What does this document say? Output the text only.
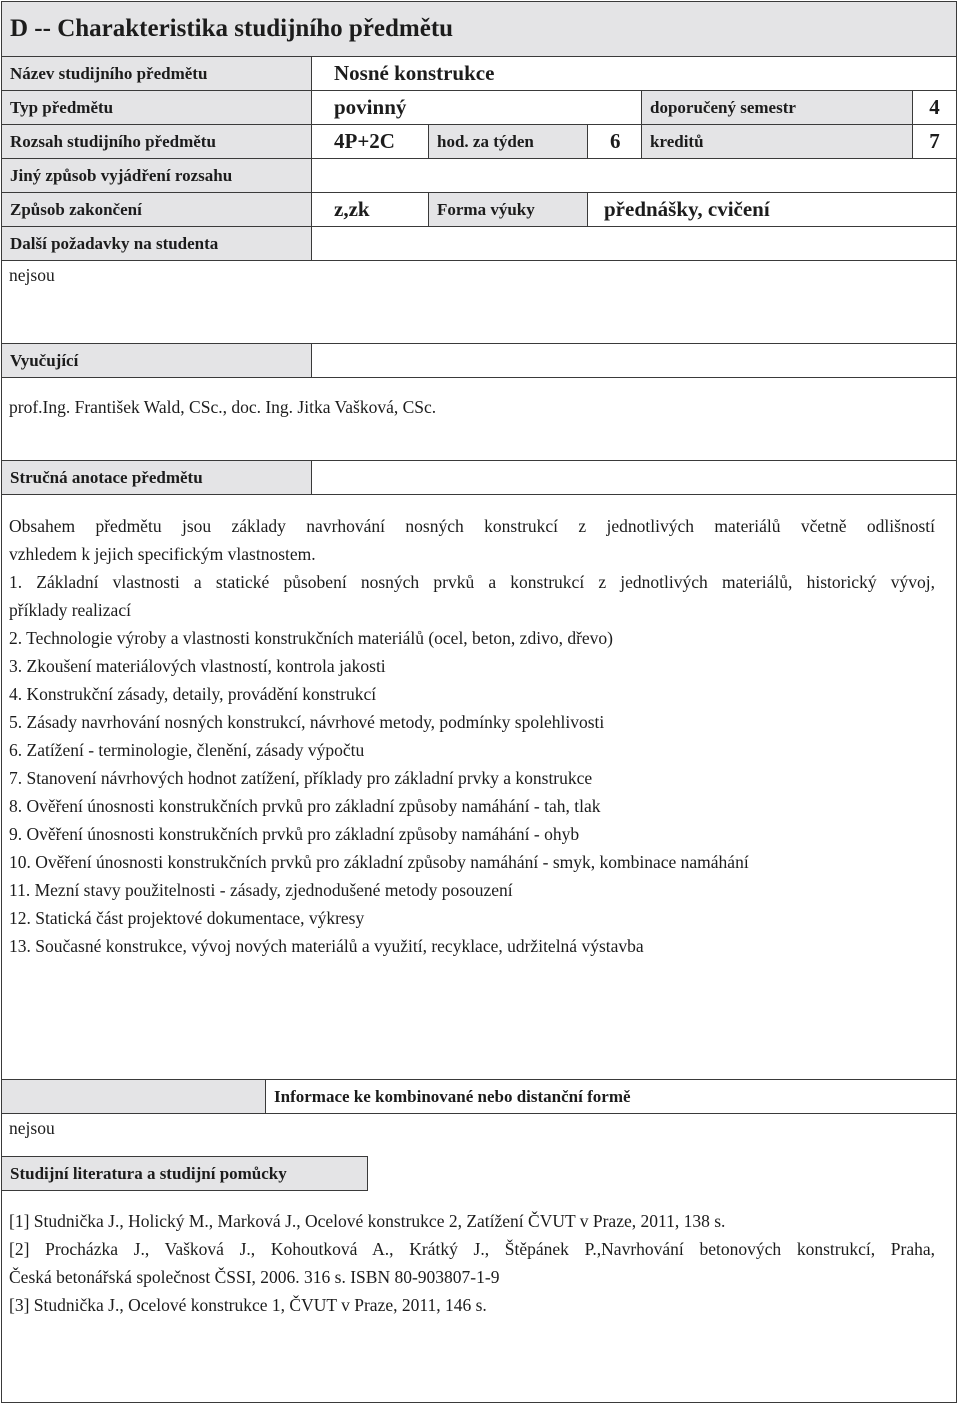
D -- Charakteristika studijního předmětu
Název studijního předmětu	Nosné konstrukce
Typ předmětu	povinný	doporučený semestr	4
Rozsah studijního předmětu	4P+2C	hod. za týden	6	kreditů	7
Jiný způsob vyjádření rozsahu
Způsob zakončení	z,zk	Forma výuky	přednášky, cvičení
Další požadavky na studenta
nejsou
Vyučující
prof.Ing. František Wald, CSc., doc. Ing. Jitka Vašková, CSc.
Stručná anotace předmětu
Obsahem předmětu jsou základy navrhování nosných konstrukcí z jednotlivých materiálů včetně odlišností
vzhledem k jejich specifickým vlastnostem.
1. Základní vlastnosti a statické působení nosných prvků a konstrukcí z jednotlivých materiálů, historický vývoj,
příklady realizací
2. Technologie výroby a vlastnosti konstrukčních materiálů (ocel, beton, zdivo, dřevo)
3. Zkoušení materiálových vlastností, kontrola jakosti
4. Konstrukční zásady, detaily, provádění konstrukcí
5. Zásady navrhování nosných konstrukcí, návrhové metody, podmínky spolehlivosti
6. Zatížení - terminologie, členění, zásady výpočtu
7. Stanovení návrhových hodnot zatížení, příklady pro základní prvky a konstrukce
8. Ověření únosnosti konstrukčních prvků pro základní způsoby namáhání - tah, tlak
9. Ověření únosnosti konstrukčních prvků pro základní způsoby namáhání - ohyb
10. Ověření únosnosti konstrukčních prvků pro základní způsoby namáhání - smyk, kombinace namáhání
11. Mezní stavy použitelnosti - zásady, zjednodušené metody posouzení
12. Statická část projektové dokumentace, výkresy
13. Současné konstrukce, vývoj nových materiálů a využití, recyklace, udržitelná výstavba
Informace ke kombinované nebo distanční formě
nejsou
Studijní literatura a studijní pomůcky
[1] Studnička J., Holický M., Marková J., Ocelové konstrukce 2, Zatížení ČVUT v Praze, 2011, 138 s.
[2] Procházka J., Vašková J., Kohoutková A., Krátký J., Štěpánek P.,Navrhování betonových konstrukcí, Praha,
Česká betonářská společnost ČSSI, 2006. 316 s. ISBN 80-903807-1-9
[3] Studnička J., Ocelové konstrukce 1, ČVUT v Praze, 2011, 146 s.
